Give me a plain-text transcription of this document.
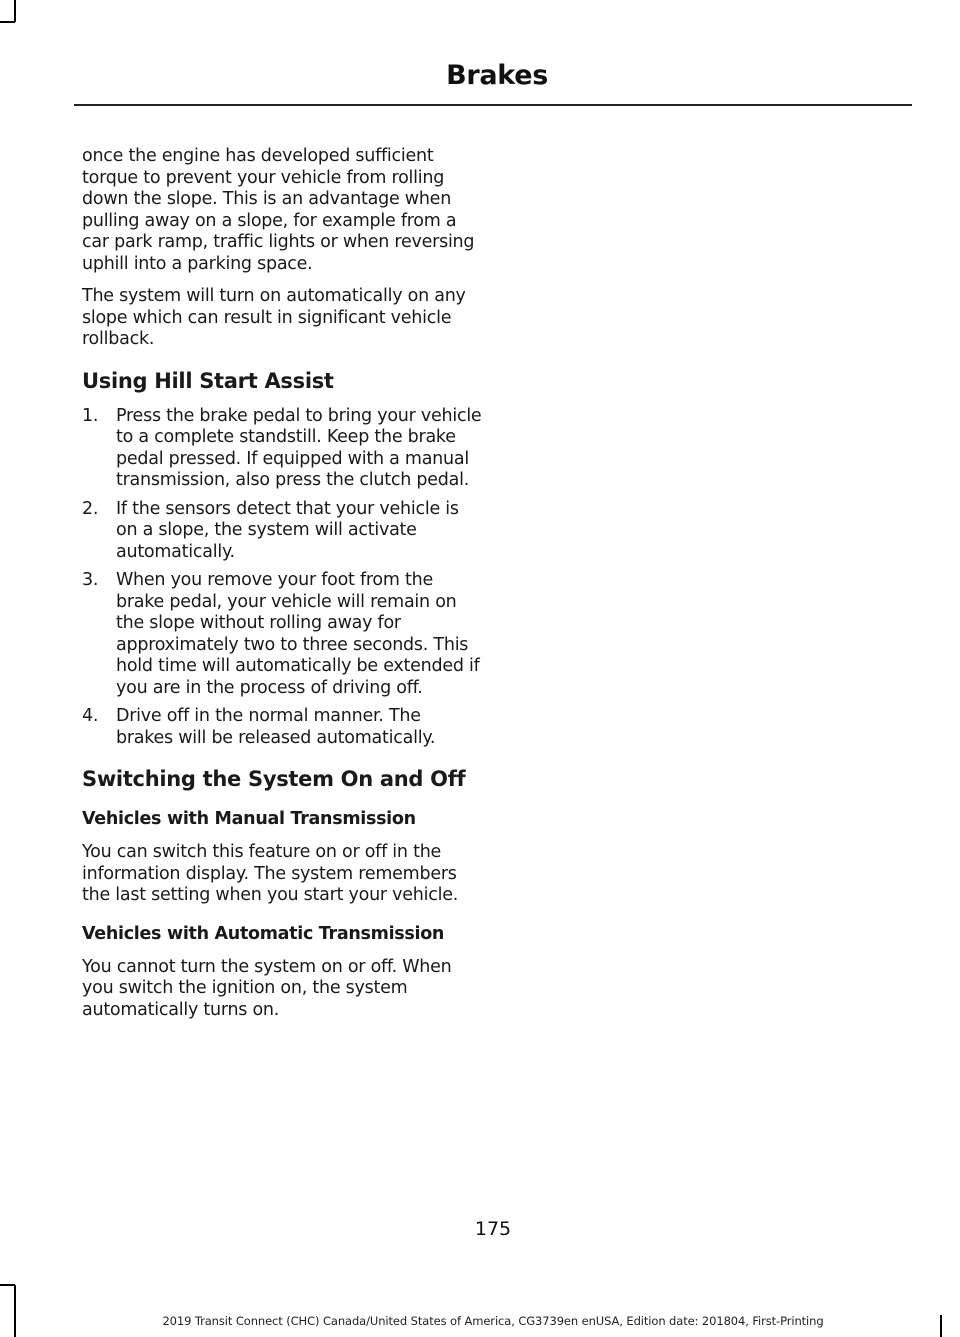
Brakes

once the engine has developed sufficient torque to prevent your vehicle from rolling down the slope. This is an advantage when pulling away on a slope, for example from a car park ramp, traffic lights or when reversing uphill into a parking space.

The system will turn on automatically on any slope which can result in significant vehicle rollback.

Using Hill Start Assist
1.	Press the brake pedal to bring your vehicle to a complete standstill. Keep the brake pedal pressed. If equipped with a manual transmission, also press the clutch pedal.
2.	If the sensors detect that your vehicle is on a slope, the system will activate automatically.
3.	When you remove your foot from the brake pedal, your vehicle will remain on the slope without rolling away for approximately two to three seconds. This hold time will automatically be extended if you are in the process of driving off.
4.	Drive off in the normal manner. The brakes will be released automatically.
Switching the System On and Off
Vehicles with Manual Transmission

You can switch this feature on or off in the information display. The system remembers the last setting when you start your vehicle.

Vehicles with Automatic Transmission

You cannot turn the system on or off. When you switch the ignition on, the system automatically turns on.

175
2019 Transit Connect (CHC) Canada/United States of America, CG3739en enUSA, Edition date: 201804, First-Printing
